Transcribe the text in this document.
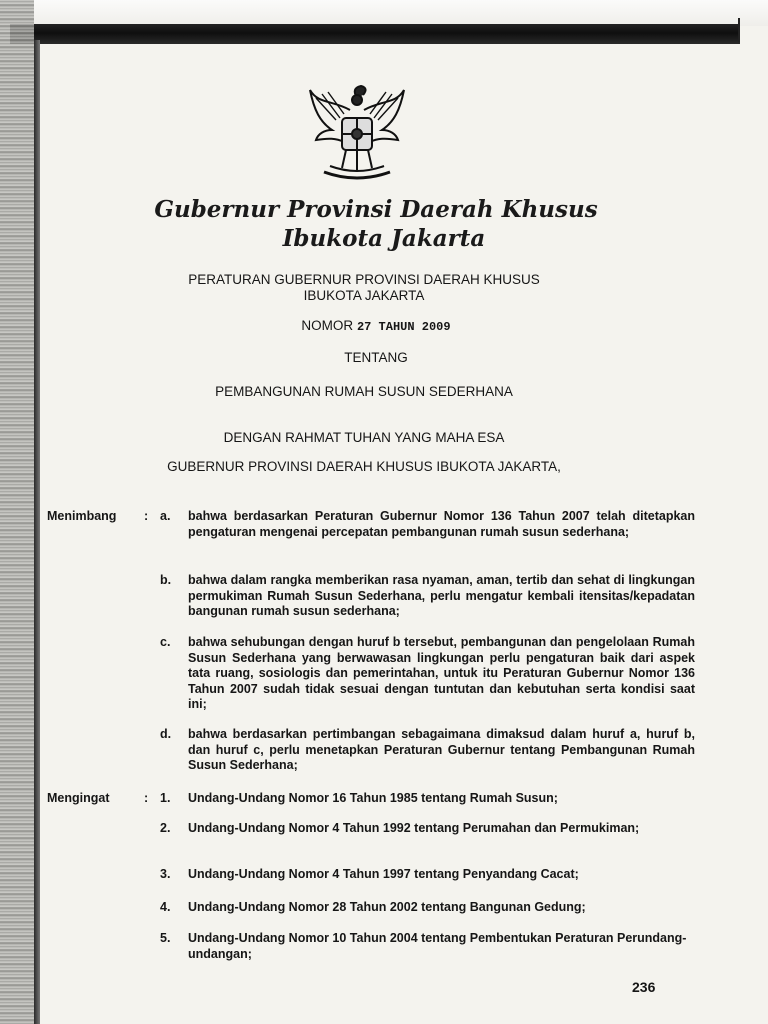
Gubernur Provinsi Daerah Khusus
Ibukota Jakarta
PERATURAN GUBERNUR PROVINSI DAERAH KHUSUS
IBUKOTA JAKARTA
NOMOR 27 TAHUN 2009
TENTANG
PEMBANGUNAN RUMAH SUSUN SEDERHANA
DENGAN RAHMAT TUHAN YANG MAHA ESA
GUBERNUR PROVINSI DAERAH KHUSUS IBUKOTA JAKARTA,
Menimbang : a.	bahwa berdasarkan Peraturan Gubernur Nomor 136 Tahun 2007 telah ditetapkan pengaturan mengenai percepatan pembangunan rumah susun sederhana;
b.	bahwa dalam rangka memberikan rasa nyaman, aman, tertib dan sehat di lingkungan permukiman Rumah Susun Sederhana, perlu mengatur kembali itensitas/kepadatan bangunan rumah susun sederhana;
c.	bahwa sehubungan dengan huruf b tersebut, pembangunan dan pengelolaan Rumah Susun Sederhana yang berwawasan lingkungan perlu pengaturan baik dari aspek tata ruang, sosiologis dan pemerintahan, untuk itu Peraturan Gubernur Nomor 136 Tahun 2007 sudah tidak sesuai dengan tuntutan dan kebutuhan serta kondisi saat ini;
d.	bahwa berdasarkan pertimbangan sebagaimana dimaksud dalam huruf a, huruf b, dan huruf c, perlu menetapkan Peraturan Gubernur tentang Pembangunan Rumah Susun Sederhana;
Mengingat	: 1.	Undang-Undang Nomor 16 Tahun 1985 tentang Rumah Susun;
2.	Undang-Undang Nomor 4 Tahun 1992 tentang Perumahan dan Permukiman;
3.	Undang-Undang Nomor 4 Tahun 1997 tentang Penyandang Cacat;
4.	Undang-Undang Nomor 28 Tahun 2002 tentang Bangunan Gedung;
5.	Undang-Undang Nomor 10 Tahun 2004 tentang Pembentukan Peraturan Perundang-undangan;
236
